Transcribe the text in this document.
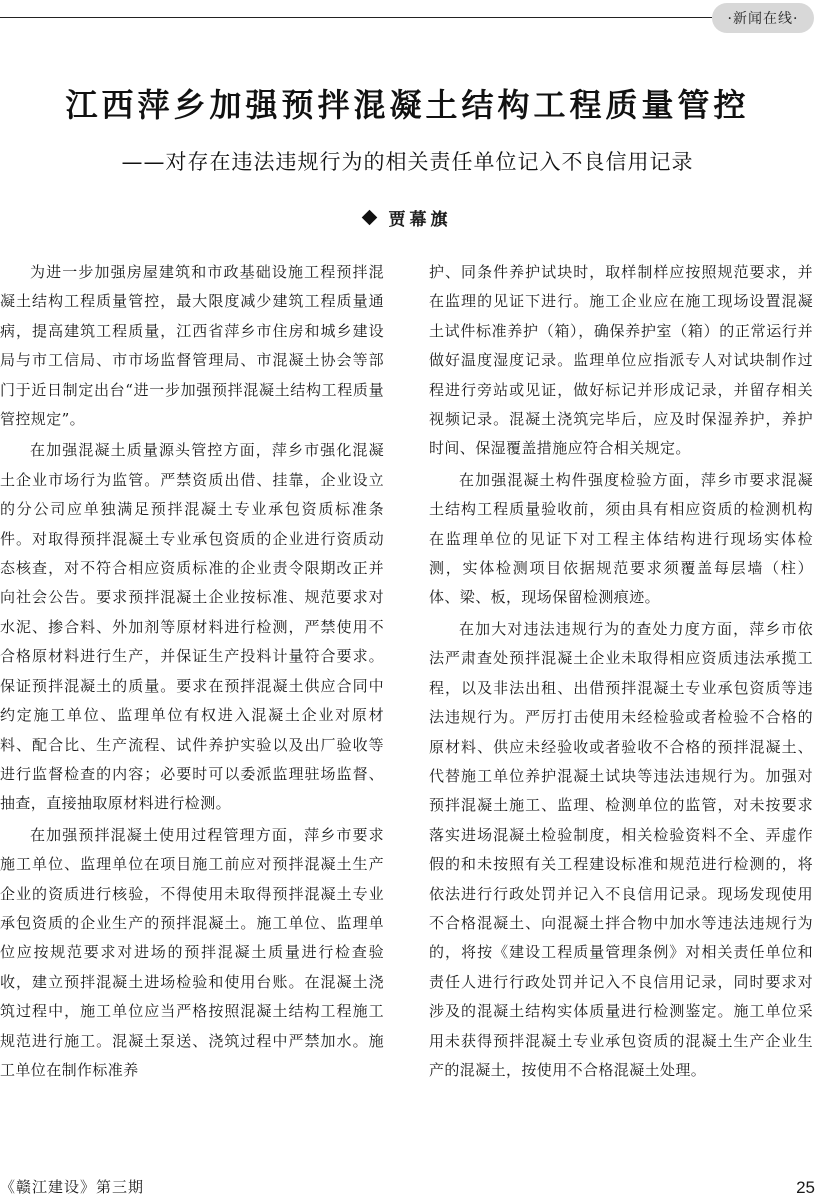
·新闻在线·
江西萍乡加强预拌混凝土结构工程质量管控
——对存在违法违规行为的相关责任单位记入不良信用记录
贾幕旗

为进一步加强房屋建筑和市政基础设施工程预拌混凝土结构工程质量管控，最大限度减少建筑工程质量通病，提高建筑工程质量，江西省萍乡市住房和城乡建设局与市工信局、市市场监督管理局、市混凝土协会等部门于近日制定出台“进一步加强预拌混凝土结构工程质量管控规定”。

在加强混凝土质量源头管控方面，萍乡市强化混凝土企业市场行为监管。严禁资质出借、挂靠，企业设立的分公司应单独满足预拌混凝土专业承包资质标准条件。对取得预拌混凝土专业承包资质的企业进行资质动态核查，对不符合相应资质标准的企业责令限期改正并向社会公告。要求预拌混凝土企业按标准、规范要求对水泥、掺合料、外加剂等原材料进行检测，严禁使用不合格原材料进行生产，并保证生产投料计量符合要求。保证预拌混凝土的质量。要求在预拌混凝土供应合同中约定施工单位、监理单位有权进入混凝土企业对原材料、配合比、生产流程、试件养护实验以及出厂验收等进行监督检查的内容；必要时可以委派监理驻场监督、抽查，直接抽取原材料进行检测。

在加强预拌混凝土使用过程管理方面，萍乡市要求施工单位、监理单位在项目施工前应对预拌混凝土生产企业的资质进行核验，不得使用未取得预拌混凝土专业承包资质的企业生产的预拌混凝土。施工单位、监理单位应按规范要求对进场的预拌混凝土质量进行检查验收，建立预拌混凝土进场检验和使用台账。在混凝土浇筑过程中，施工单位应当严格按照混凝土结构工程施工规范进行施工。混凝土泵送、浇筑过程中严禁加水。施工单位在制作标准养

护、同条件养护试块时，取样制样应按照规范要求，并在监理的见证下进行。施工企业应在施工现场设置混凝土试件标准养护（箱），确保养护室（箱）的正常运行并做好温度湿度记录。监理单位应指派专人对试块制作过程进行旁站或见证，做好标记并形成记录，并留存相关视频记录。混凝土浇筑完毕后，应及时保湿养护，养护时间、保湿覆盖措施应符合相关规定。

在加强混凝土构件强度检验方面，萍乡市要求混凝土结构工程质量验收前，须由具有相应资质的检测机构在监理单位的见证下对工程主体结构进行现场实体检测，实体检测项目依据规范要求须覆盖每层墙（柱）体、梁、板，现场保留检测痕迹。

在加大对违法违规行为的查处力度方面，萍乡市依法严肃查处预拌混凝土企业未取得相应资质违法承揽工程，以及非法出租、出借预拌混凝土专业承包资质等违法违规行为。严厉打击使用未经检验或者检验不合格的原材料、供应未经验收或者验收不合格的预拌混凝土、代替施工单位养护混凝土试块等违法违规行为。加强对预拌混凝土施工、监理、检测单位的监管，对未按要求落实进场混凝土检验制度，相关检验资料不全、弄虚作假的和未按照有关工程建设标准和规范进行检测的，将依法进行行政处罚并记入不良信用记录。现场发现使用不合格混凝土、向混凝土拌合物中加水等违法违规行为的，将按《建设工程质量管理条例》对相关责任单位和责任人进行行政处罚并记入不良信用记录，同时要求对涉及的混凝土结构实体质量进行检测鉴定。施工单位采用未获得预拌混凝土专业承包资质的混凝土生产企业生产的混凝土，按使用不合格混凝土处理。

《赣江建设》第三期	25
